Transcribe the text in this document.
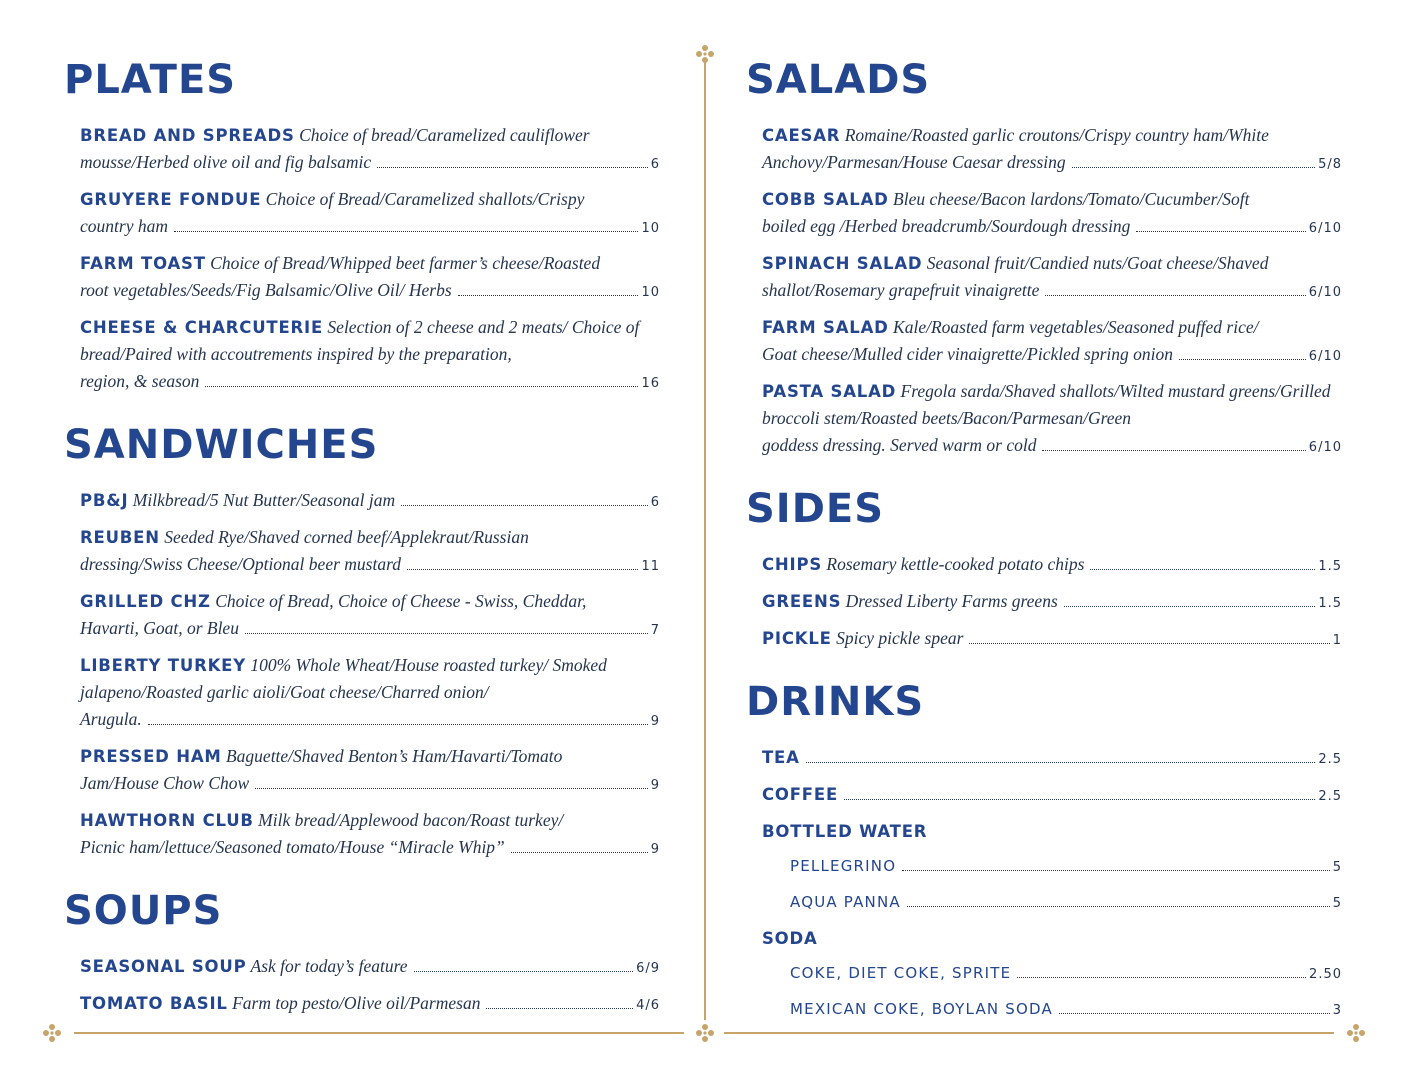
PLATES
BREAD AND SPREADS Choice of bread/Caramelized cauliflower
mousse/Herbed olive oil and fig balsamic	6
GRUYERE FONDUE Choice of Bread/Caramelized shallots/Crispy
country ham	10
FARM TOAST Choice of Bread/Whipped beet farmer’s cheese/Roasted
root vegetables/Seeds/Fig Balsamic/Olive Oil/ Herbs	10
CHEESE & CHARCUTERIE Selection of 2 cheese and 2 meats/ Choice of bread/Paired with accoutrements inspired by the preparation,
region, & season	16
SANDWICHES
PB&J Milkbread/5 Nut Butter/Seasonal jam	6
REUBEN Seeded Rye/Shaved corned beef/Applekraut/Russian
dressing/Swiss Cheese/Optional beer mustard	11
GRILLED CHZ Choice of Bread, Choice of Cheese - Swiss, Cheddar,
Havarti, Goat, or Bleu	7
LIBERTY TURKEY 100% Whole Wheat/House roasted turkey/ Smoked jalapeno/Roasted garlic aioli/Goat cheese/Charred onion/
Arugula.	9
PRESSED HAM Baguette/Shaved Benton’s Ham/Havarti/Tomato
Jam/House Chow Chow	9
HAWTHORN CLUB Milk bread/Applewood bacon/Roast turkey/
Picnic ham/lettuce/Seasoned tomato/House “Miracle Whip”	9
SOUPS
SEASONAL SOUP Ask for today’s feature	6/9
TOMATO BASIL Farm top pesto/Olive oil/Parmesan	4/6
SALADS
CAESAR Romaine/Roasted garlic croutons/Crispy country ham/White
Anchovy/Parmesan/House Caesar dressing	5/8
COBB SALAD Bleu cheese/Bacon lardons/Tomato/Cucumber/Soft
boiled egg /Herbed breadcrumb/Sourdough dressing	6/10
SPINACH SALAD Seasonal fruit/Candied nuts/Goat cheese/Shaved
shallot/Rosemary grapefruit vinaigrette	6/10
FARM SALAD Kale/Roasted farm vegetables/Seasoned puffed rice/
Goat cheese/Mulled cider vinaigrette/Pickled spring onion	6/10
PASTA SALAD Fregola sarda/Shaved shallots/Wilted mustard greens/Grilled broccoli stem/Roasted beets/Bacon/Parmesan/Green
goddess dressing. Served warm or cold	6/10
SIDES
CHIPS Rosemary kettle-cooked potato chips	1.5
GREENS Dressed Liberty Farms greens	1.5
PICKLE Spicy pickle spear	1
DRINKS
TEA	2.5
COFFEE	2.5
BOTTLED WATER
PELLEGRINO	5
AQUA PANNA	5
SODA
COKE, DIET COKE, SPRITE	2.50
MEXICAN COKE, BOYLAN SODA	3
